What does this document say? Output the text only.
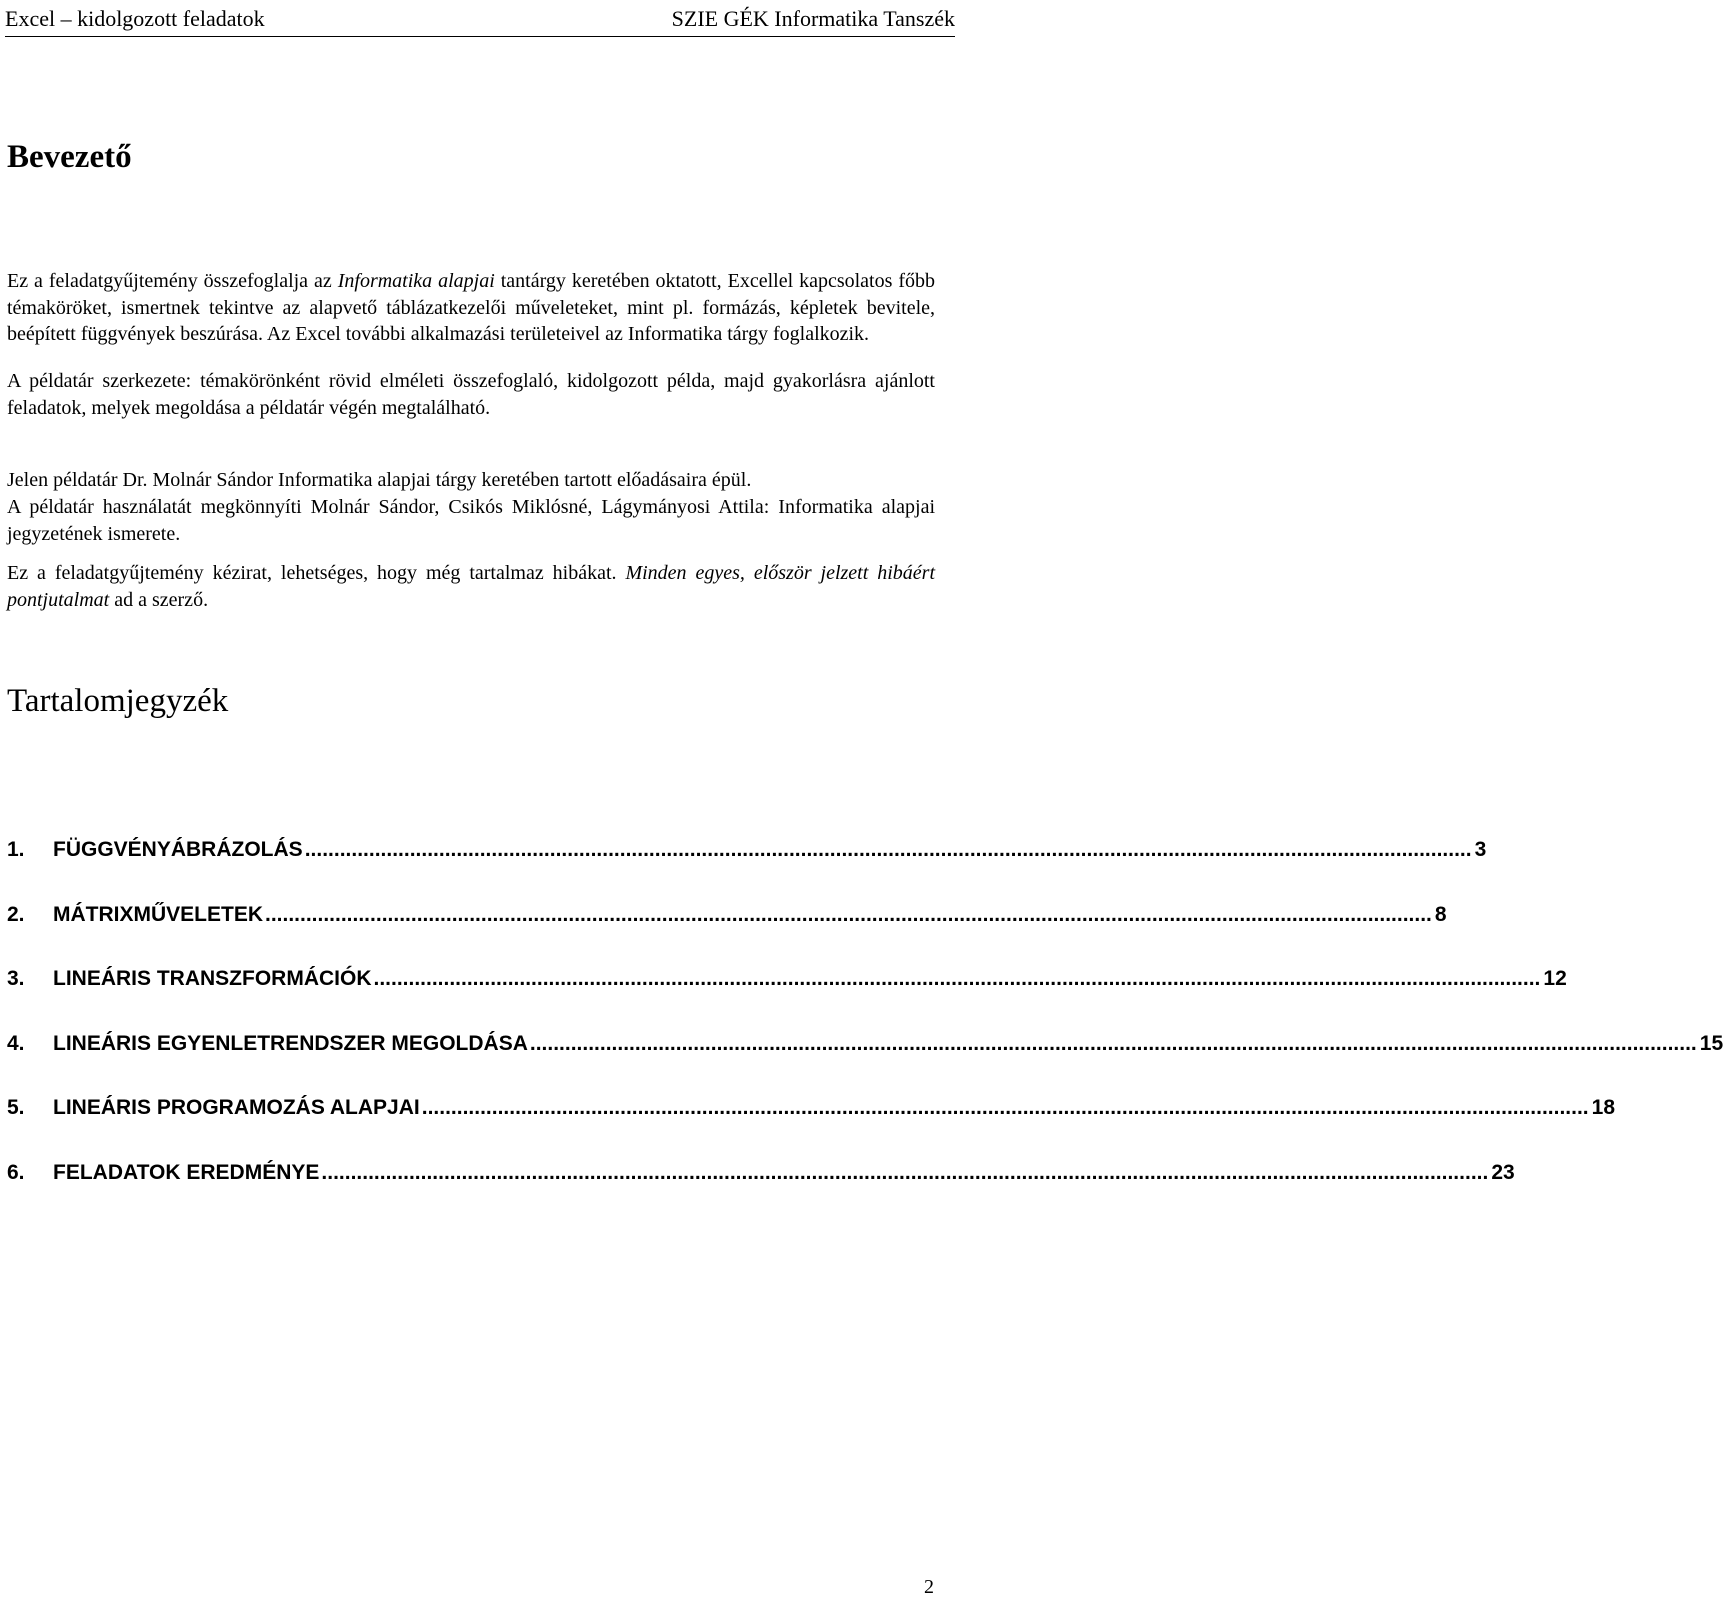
Excel – kidolgozott feladatok	SZIE GÉK Informatika Tanszék
Bevezető
Ez a feladatgyűjtemény összefoglalja az Informatika alapjai tantárgy keretében oktatott, Excellel kapcsolatos főbb témaköröket, ismertnek tekintve az alapvető táblázatkezelői műveleteket, mint pl. formázás, képletek bevitele, beépített függvények beszúrása. Az Excel további alkalmazási területeivel az Informatika tárgy foglalkozik.
A példatár szerkezete: témakörönként rövid elméleti összefoglaló, kidolgozott példa, majd gyakorlásra ajánlott feladatok, melyek megoldása a példatár végén megtalálható.
Jelen példatár Dr. Molnár Sándor Informatika alapjai tárgy keretében tartott előadásaira épül.
A példatár használatát megkönnyíti Molnár Sándor, Csikós Miklósné, Lágymányosi Attila: Informatika alapjai jegyzetének ismerete.
Ez a feladatgyűjtemény kézirat, lehetséges, hogy még tartalmaz hibákat. Minden egyes, először jelzett hibáért pontjutalmat ad a szerző.
Tartalomjegyzék
1.	FÜGGVÉNYÁBRÁZOLÁS ........................................................................................................................................................................................................ 3
2.	MÁTRIXMŰVELETEK ........................................................................................................................................................................................................ 8
3.	LINEÁRIS TRANSZFORMÁCIÓK ........................................................................................................................................................................................................ 12
4.	LINEÁRIS EGYENLETRENDSZER MEGOLDÁSA ........................................................................................................................................................................................................ 15
5.	LINEÁRIS PROGRAMOZÁS ALAPJAI ........................................................................................................................................................................................................ 18
6.	FELADATOK EREDMÉNYE ........................................................................................................................................................................................................ 23
2
